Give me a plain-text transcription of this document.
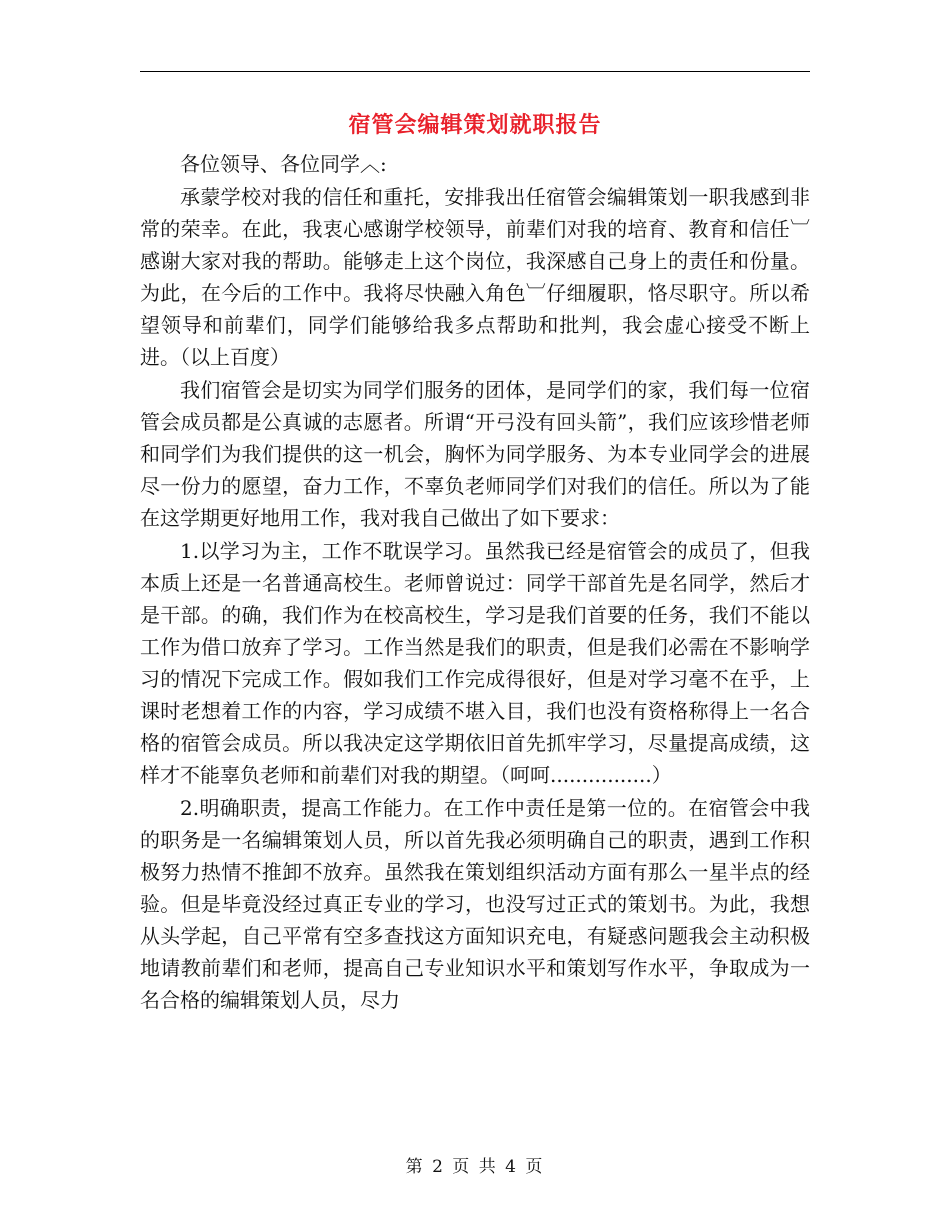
宿管会编辑策划就职报告

各位领导、各位同学︿:

承蒙学校对我的信任和重托，安排我出任宿管会编辑策划一职我感到非常的荣幸。在此，我衷心感谢学校领导，前辈们对我的培育、教育和信任︺感谢大家对我的帮助。能够走上这个岗位，我深感自己身上的责任和份量。为此，在今后的工作中。我将尽快融入角色︺仔细履职，恪尽职守。所以希望领导和前辈们，同学们能够给我多点帮助和批判，我会虚心接受不断上进。（以上百度）

我们宿管会是切实为同学们服务的团体，是同学们的家，我们每一位宿管会成员都是公真诚的志愿者。所谓“开弓没有回头箭”，我们应该珍惜老师和同学们为我们提供的这一机会，胸怀为同学服务、为本专业同学会的进展尽一份力的愿望，奋力工作，不辜负老师同学们对我们的信任。所以为了能在这学期更好地用工作，我对我自己做出了如下要求：

1.以学习为主，工作不耽误学习。虽然我已经是宿管会的成员了，但我本质上还是一名普通高校生。老师曾说过：同学干部首先是名同学，然后才是干部。的确，我们作为在校高校生，学习是我们首要的任务，我们不能以工作为借口放弃了学习。工作当然是我们的职责，但是我们必需在不影响学习的情况下完成工作。假如我们工作完成得很好，但是对学习毫不在乎，上课时老想着工作的内容，学习成绩不堪入目，我们也没有资格称得上一名合格的宿管会成员。所以我决定这学期依旧首先抓牢学习，尽量提高成绩，这样才不能辜负老师和前辈们对我的期望。（呵呵................）

2.明确职责，提高工作能力。在工作中责任是第一位的。在宿管会中我的职务是一名编辑策划人员，所以首先我必须明确自己的职责，遇到工作积极努力热情不推卸不放弃。虽然我在策划组织活动方面有那么一星半点的经验。但是毕竟没经过真正专业的学习，也没写过正式的策划书。为此，我想从头学起，自己平常有空多查找这方面知识充电，有疑惑问题我会主动积极地请教前辈们和老师，提高自己专业知识水平和策划写作水平，争取成为一名合格的编辑策划人员，尽力

第 2 页 共 4 页
